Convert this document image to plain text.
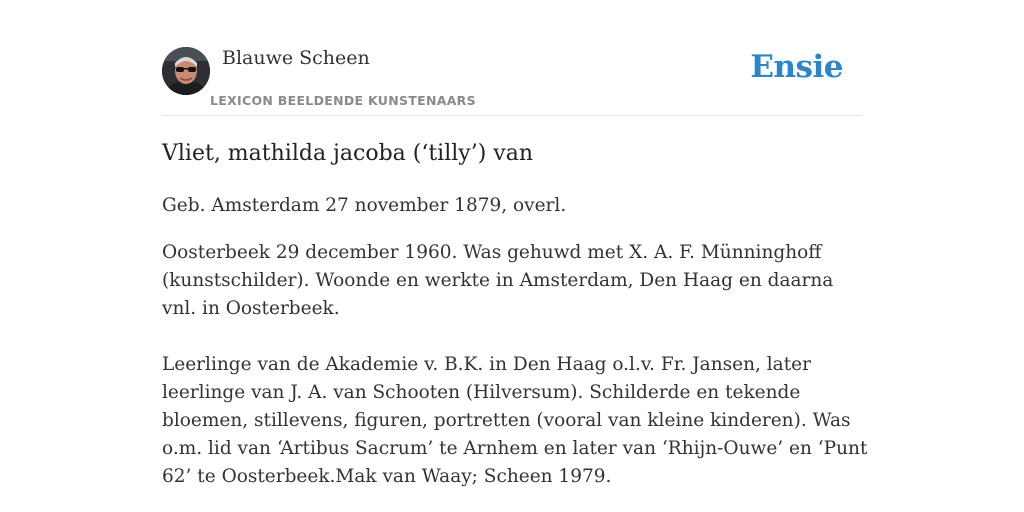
Blauwe Scheen
LEXICON BEELDENDE KUNSTENAARS
Ensie
Vliet, mathilda jacoba (‘tilly’) van

Geb. Amsterdam 27 november 1879, overl.

Oosterbeek 29 december 1960. Was gehuwd met X. A. F. Münninghoff (kunstschilder). Woonde en werkte in Amsterdam, Den Haag en daarna vnl. in Oosterbeek.

Leerlinge van de Akademie v. B.K. in Den Haag o.l.v. Fr. Jansen, later leerlinge van J. A. van Schooten (Hilversum). Schilderde en tekende bloemen, stillevens, figuren, portretten (vooral van kleine kinderen). Was o.m. lid van ‘Artibus Sacrum’ te Arnhem en later van ‘Rhijn-Ouwe’ en ‘Punt 62’ te Oosterbeek.Mak van Waay; Scheen 1979.
